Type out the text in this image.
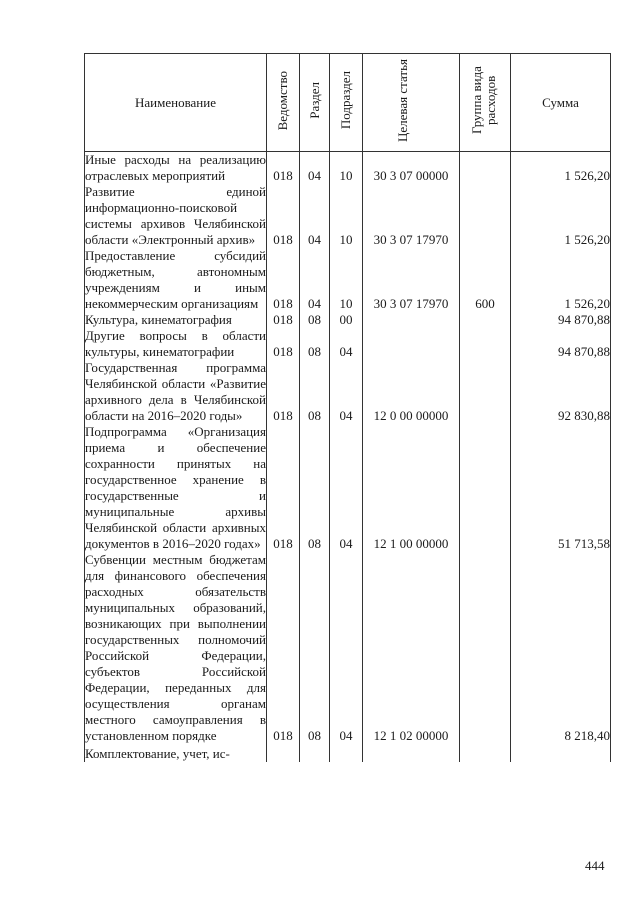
Наименование	Ведомство	Раздел	Подраздел	Целевая статья	Группа вида расходов	Сумма
Иные расходы на реализацию отраслевых мероприятий	018	04	10	30 3 07 00000		1 526,20
Развитие единой информационно-поисковой системы архивов Челябинской области «Электронный архив»	018	04	10	30 3 07 17970		1 526,20
Предоставление субсидий бюджетным, автономным учреждениям и иным некоммерческим организациям	018	04	10	30 3 07 17970	600	1 526,20
Культура, кинематография	018	08	00			94 870,88
Другие вопросы в области культуры, кинематографии	018	08	04			94 870,88
Государственная программа Челябинской области «Развитие архивного дела в Челябинской области на 2016–2020 годы»	018	08	04	12 0 00 00000		92 830,88
Подпрограмма «Организация приема и обеспечение сохранности принятых на государственное хранение в государственные и муниципальные архивы Челябинской области архивных документов в 2016–2020 годах»	018	08	04	12 1 00 00000		51 713,58
Субвенции местным бюджетам для финансового обеспечения расходных обязательств муниципальных образований, возникающих при выполнении государственных полномочий Российской Федерации, субъектов Российской Федерации, переданных для осуществления органам местного самоуправления в установленном порядке	018	08	04	12 1 02 00000		8 218,40
Комплектование, учет, ис-						
444
